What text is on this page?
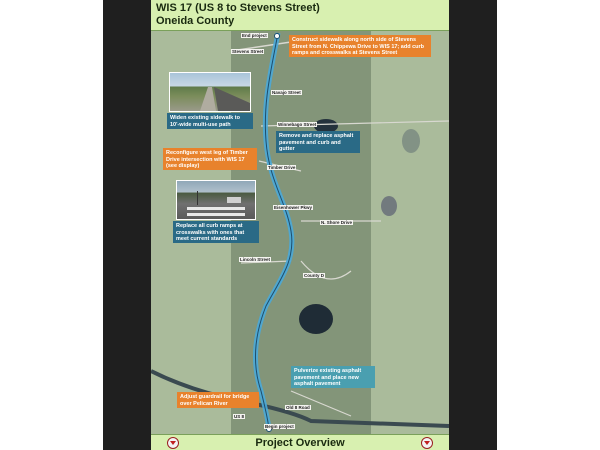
WIS 17 (US 8 to Stevens Street)
Oneida County
End project
Stevens Street
Navajo Street
Winnebago Street
Timber Drive
N. Shore Drive
Eisenhower Pkwy
Lincoln Street
County D
Old 8 Road
US 8
Begin project
Construct sidewalk along north side of Stevens Street from N. Chippewa Drive to WIS 17; add curb ramps and crosswalks at Stevens Street
Widen existing sidewalk to 10'-wide multi-use path
Remove and replace asphalt pavement and curb and gutter
Reconfigure west leg of Timber Drive intersection with WIS 17 (see display)
Replace all curb ramps at crosswalks with ones that meet current standards
Pulverize existing asphalt pavement and place new asphalt pavement
Adjust guardrail for bridge over Pelican River
Project Overview
